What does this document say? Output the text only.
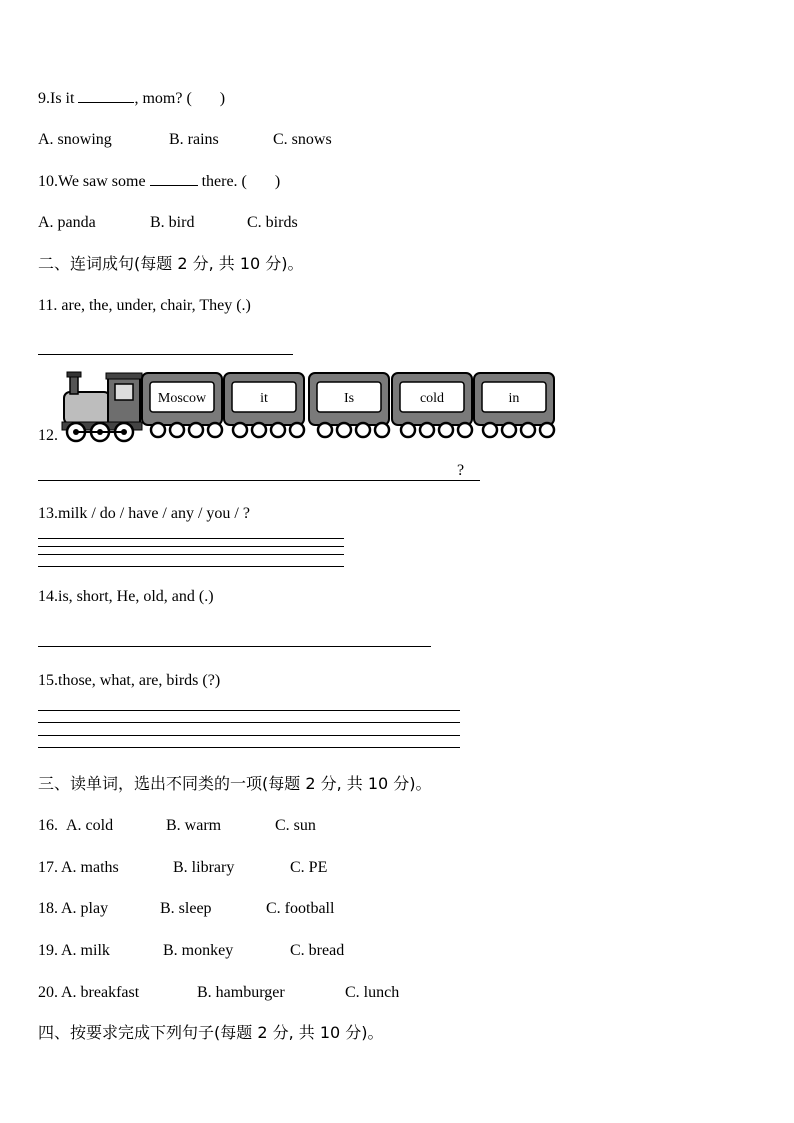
9.Is it	, mom? ( )
A. snowing	B. rains	C. snows
10.We saw some	there. ( )
A. panda	B. bird	C. birds
二、连词成句(每题 2 分, 共 10 分)。
11. are, the, under, chair, They (.)
12.
Moscow	it	Is	cold	in
?
13.milk / do / have / any / you / ?
14.is, short, He, old, and (.)
15.those, what, are, birds (?)
三、读单词，选出不同类的一项(每题 2 分, 共 10 分)。
16. A. cold	B. warm	C. sun
17. A. maths	B. library	C. PE
18. A. play	B. sleep	C. football
19. A. milk	B. monkey	C. bread
20. A. breakfast	B. hamburger	C. lunch
四、按要求完成下列句子(每题 2 分, 共 10 分)。
